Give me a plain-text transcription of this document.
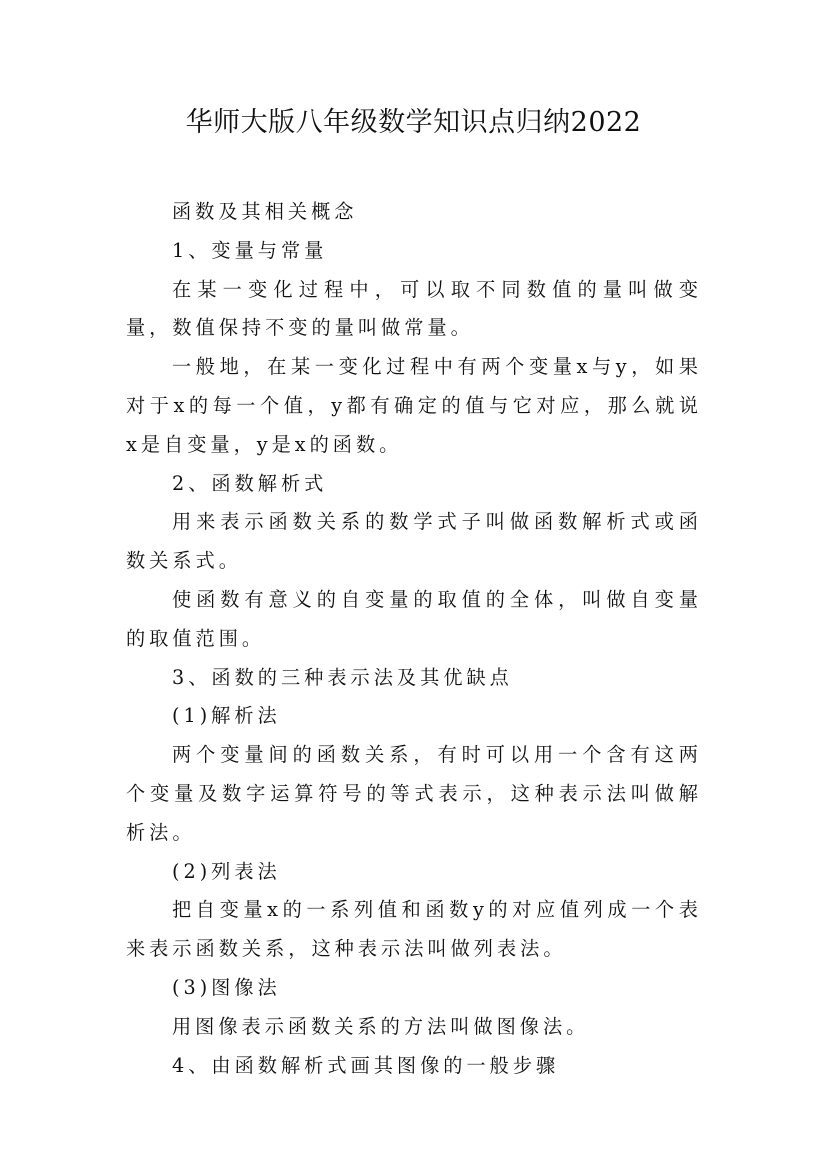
华师大版八年级数学知识点归纳2022

函数及其相关概念

1、变量与常量

在某一变化过程中，可以取不同数值的量叫做变量，数值保持不变的量叫做常量。

一般地，在某一变化过程中有两个变量x与y，如果对于x的每一个值，y都有确定的值与它对应，那么就说x是自变量，y是x的函数。

2、函数解析式

用来表示函数关系的数学式子叫做函数解析式或函数关系式。

使函数有意义的自变量的取值的全体，叫做自变量的取值范围。

3、函数的三种表示法及其优缺点

(1)解析法

两个变量间的函数关系，有时可以用一个含有这两个变量及数字运算符号的等式表示，这种表示法叫做解析法。

(2)列表法

把自变量x的一系列值和函数y的对应值列成一个表来表示函数关系，这种表示法叫做列表法。

(3)图像法

用图像表示函数关系的方法叫做图像法。

4、由函数解析式画其图像的一般步骤
